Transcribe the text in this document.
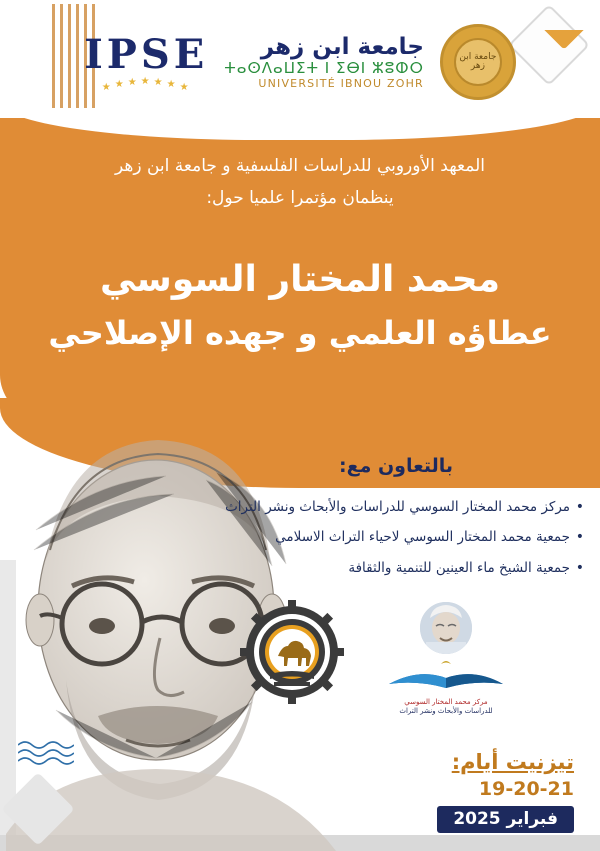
IPSE
★ ★ ★ ★ ★ ★ ★
جامعة ابن زهر
ⵜⴰⵙⴷⴰⵡⵉⵜ ⵏ ⵉⴱⵏ ⵣⵓⵀⵔ
UNIVERSITÉ IBNOU ZOHR
جامعة ابن زهر
المعهد الأوروبي للدراسات الفلسفية و جامعة ابن زهر
ينظمان مؤتمرا علميا حول:
محمد المختار السوسي
عطاؤه العلمي و جهده الإصلاحي
بالتعاون مع:
• مركز محمد المختار السوسي للدراسات والأبحاث ونشر التراث
• جمعية محمد المختار السوسي لاحياء التراث الاسلامي
• جمعية الشيخ ماء العينين للتنمية والثقافة
مركز محمد المختار السوسي
للدراسات والأبحاث ونشر التراث
تيزنيت أيام:
19-20-21
فبراير 2025
